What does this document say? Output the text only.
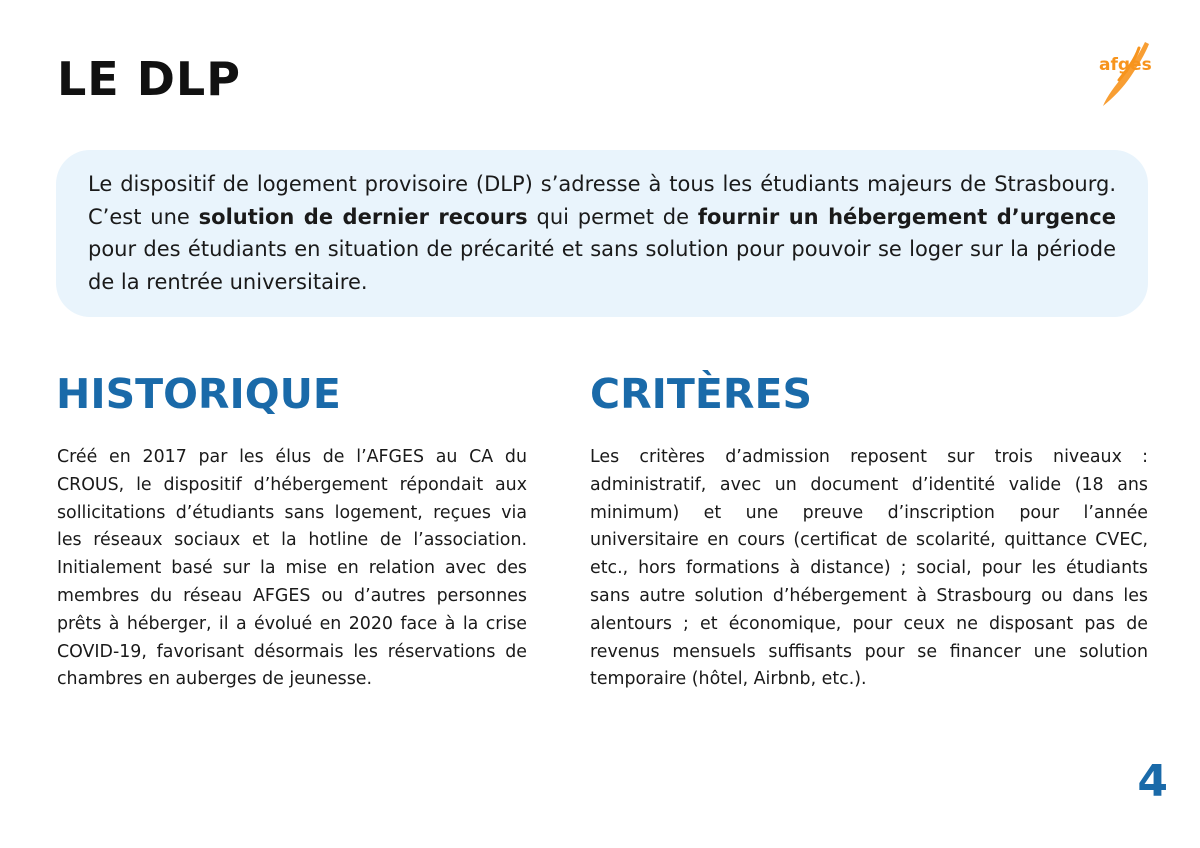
LE DLP	afges

Le dispositif de logement provisoire (DLP) s’adresse à tous les étudiants majeurs de Strasbourg. C’est une solution de dernier recours qui permet de fournir un hébergement d’urgence pour des étudiants en situation de précarité et sans solution pour pouvoir se loger sur la période de la rentrée universitaire.

HISTORIQUE

Créé en 2017 par les élus de l’AFGES au CA du CROUS, le dispositif d’hébergement répondait aux sollicitations d’étudiants sans logement, reçues via les réseaux sociaux et la hotline de l’association. Initialement basé sur la mise en relation avec des membres du réseau AFGES ou d’autres personnes prêts à héberger, il a évolué en 2020 face à la crise COVID-19, favorisant désormais les réservations de chambres en auberges de jeunesse.

CRITÈRES

Les critères d’admission reposent sur trois niveaux : administratif, avec un document d’identité valide (18 ans minimum) et une preuve d’inscription pour l’année universitaire en cours (certificat de scolarité, quittance CVEC, etc., hors formations à distance) ; social, pour les étudiants sans autre solution d’hébergement à Strasbourg ou dans les alentours ; et économique, pour ceux ne disposant pas de revenus mensuels suffisants pour se financer une solution temporaire (hôtel, Airbnb, etc.).

4
